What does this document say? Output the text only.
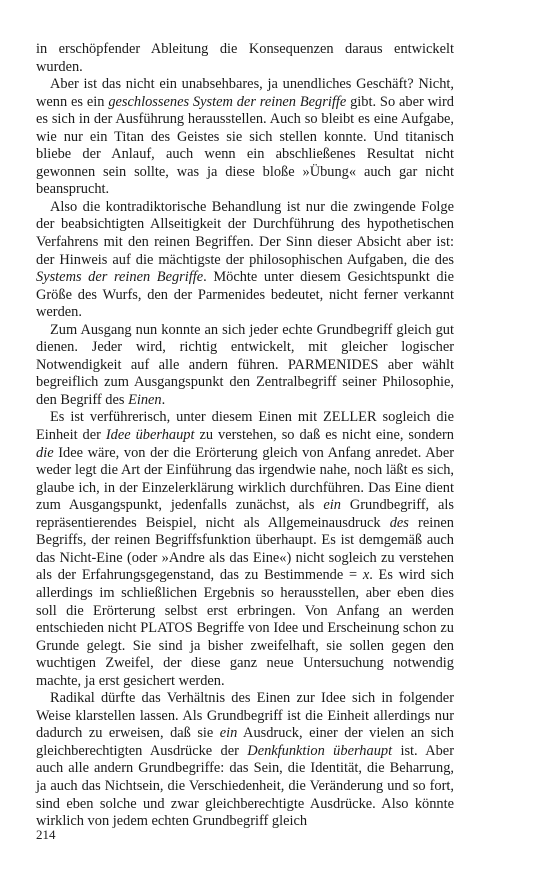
in erschöpfender Ableitung die Konsequenzen daraus entwickelt wurden.

Aber ist das nicht ein unabsehbares, ja unendliches Geschäft? Nicht, wenn es ein geschlossenes System der reinen Begriffe gibt. So aber wird es sich in der Ausführung herausstellen. Auch so bleibt es eine Aufgabe, wie nur ein Titan des Geistes sie sich stellen konnte. Und titanisch bliebe der Anlauf, auch wenn ein abschließenes Resultat nicht gewonnen sein sollte, was ja diese bloße »Übung« auch gar nicht beansprucht.

Also die kontradiktorische Behandlung ist nur die zwingende Folge der beabsichtigten Allseitigkeit der Durchführung des hypothetischen Verfahrens mit den reinen Begriffen. Der Sinn dieser Absicht aber ist: der Hinweis auf die mächtigste der philosophischen Aufgaben, die des Systems der reinen Begriffe. Möchte unter diesem Gesichtspunkt die Größe des Wurfs, den der Parmenides bedeutet, nicht ferner verkannt werden.

Zum Ausgang nun konnte an sich jeder echte Grundbegriff gleich gut dienen. Jeder wird, richtig entwickelt, mit gleicher logischer Notwendigkeit auf alle andern führen. PARMENIDES aber wählt begreiflich zum Ausgangspunkt den Zentralbegriff seiner Philosophie, den Begriff des Einen.

Es ist verführerisch, unter diesem Einen mit ZELLER sogleich die Einheit der Idee überhaupt zu verstehen, so daß es nicht eine, sondern die Idee wäre, von der die Erörterung gleich von Anfang anredet. Aber weder legt die Art der Einführung das irgendwie nahe, noch läßt es sich, glaube ich, in der Einzelerklärung wirklich durchführen. Das Eine dient zum Ausgangspunkt, jedenfalls zunächst, als ein Grundbegriff, als repräsentierendes Beispiel, nicht als Allgemeinausdruck des reinen Begriffs, der reinen Begriffsfunktion überhaupt. Es ist demgemäß auch das Nicht-Eine (oder »Andre als das Eine«) nicht sogleich zu verstehen als der Erfahrungsgegenstand, das zu Bestimmende = x. Es wird sich allerdings im schließlichen Ergebnis so herausstellen, aber eben dies soll die Erörterung selbst erst erbringen. Von Anfang an werden entschieden nicht PLATOS Begriffe von Idee und Erscheinung schon zu Grunde gelegt. Sie sind ja bisher zweifelhaft, sie sollen gegen den wuchtigen Zweifel, der diese ganz neue Untersuchung notwendig machte, ja erst gesichert werden.

Radikal dürfte das Verhältnis des Einen zur Idee sich in folgender Weise klarstellen lassen. Als Grundbegriff ist die Einheit allerdings nur dadurch zu erweisen, daß sie ein Ausdruck, einer der vielen an sich gleichberechtigten Ausdrücke der Denkfunktion überhaupt ist. Aber auch alle andern Grundbegriffe: das Sein, die Identität, die Beharrung, ja auch das Nichtsein, die Verschiedenheit, die Veränderung und so fort, sind eben solche und zwar gleichberechtigte Ausdrücke. Also könnte wirklich von jedem echten Grundbegriff gleich

214
